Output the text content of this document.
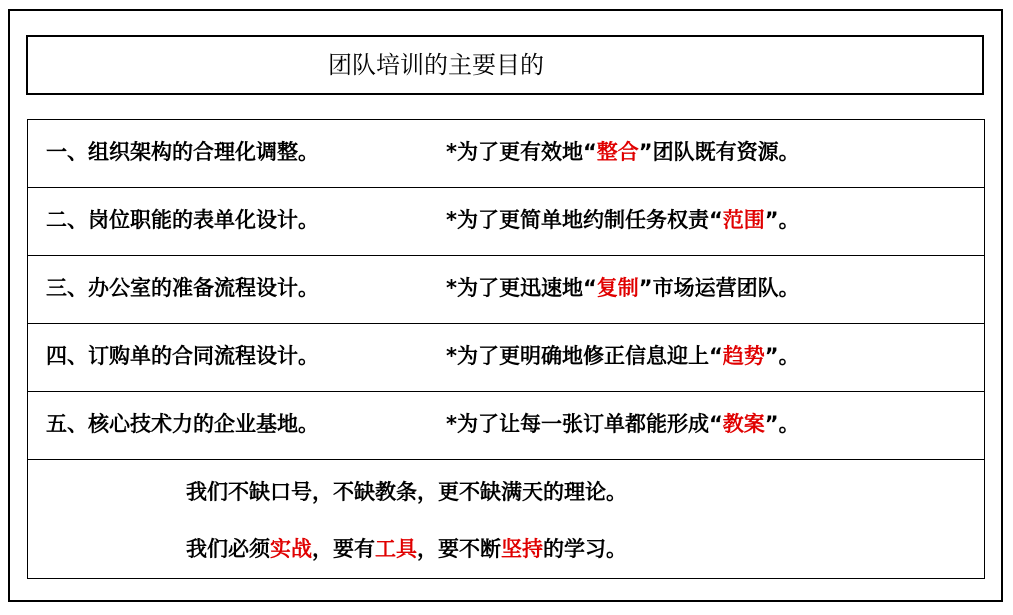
团队培训的主要目的
一、组织架构的合理化调整。	*为了更有效地“整合”团队既有资源。
二、岗位职能的表单化设计。	*为了更简单地约制任务权责“范围”。
三、办公室的准备流程设计。	*为了更迅速地“复制”市场运营团队。
四、订购单的合同流程设计。	*为了更明确地修正信息迎上“趋势”。
五、核心技术力的企业基地。	*为了让每一张订单都能形成“教案”。
我们不缺口号，不缺教条，更不缺满天的理论。
我们必须实战，要有工具，要不断坚持的学习。
